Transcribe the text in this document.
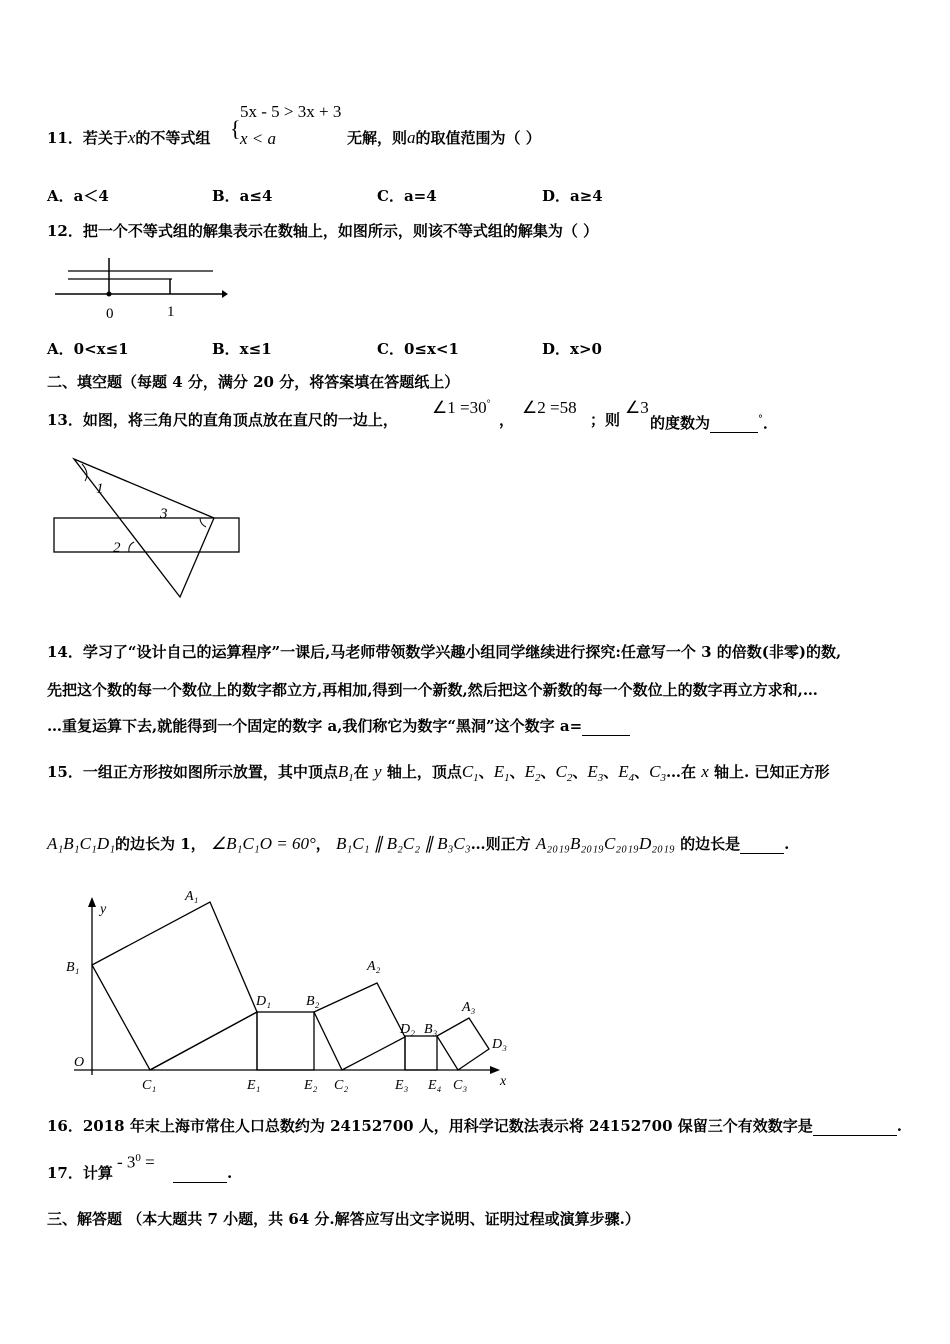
11．若关于x的不等式组 {
5x - 5 > 3x + 3
x < a	无解，则a的取值范围为（ ）
A．a＜4	B．a≤4	C．a=4	D．a≥4
12．把一个不等式组的解集表示在数轴上，如图所示，则该不等式组的解集为（ ）
0	1
A．0<x≤1	B．x≤1	C．0≤x<1	D．x>0
二、填空题（每题 4 分，满分 20 分，将答案填在答题纸上）
13．如图，将三角尺的直角顶点放在直尺的一边上，
∠1 =30°
，
∠2 =58
；则
∠3
的度数为	°．
1
3
2
14．学习了“设计自己的运算程序”一课后,马老师带领数学兴趣小组同学继续进行探究:任意写一个 3 的倍数(非零)的数,
先把这个数的每一个数位上的数字都立方,再相加,得到一个新数,然后把这个新数的每一个数位上的数字再立方求和,…
…重复运算下去,就能得到一个固定的数字 a,我们称它为数字“黑洞”这个数字 a=
15．一组正方形按如图所示放置，其中顶点$B_1$在 y 轴上，顶点$C_1$、$E_1$、$E_2$、$C_2$、$E_3$、$E_4$、$C_3\dots$在 x 轴上. 已知正方形
A₁B₁C₁D₁的边长为 1， ∠B₁C₁O = 60°， B₁C₁ ∥ B₂C₂ ∥ B₃C₃…则正方 A₂₀₁₉B₂₀₁₉C₂₀₁₉D₂₀₁₉ 的边长是	.
y
A₁
B₁
D₁	B₂
A₂
D₂ B₃
A₃
D₃
O
C₁	E₁	E₂ C₂	E₃ E₄ C₃ x
16．2018 年末上海市常住人口总数约为 24152700 人，用科学记数法表示将 24152700 保留三个有效数字是	.
17．计算
- $3^0$ =
.
三、解答题 （本大题共 7 小题，共 64 分.解答应写出文字说明、证明过程或演算步骤.）
